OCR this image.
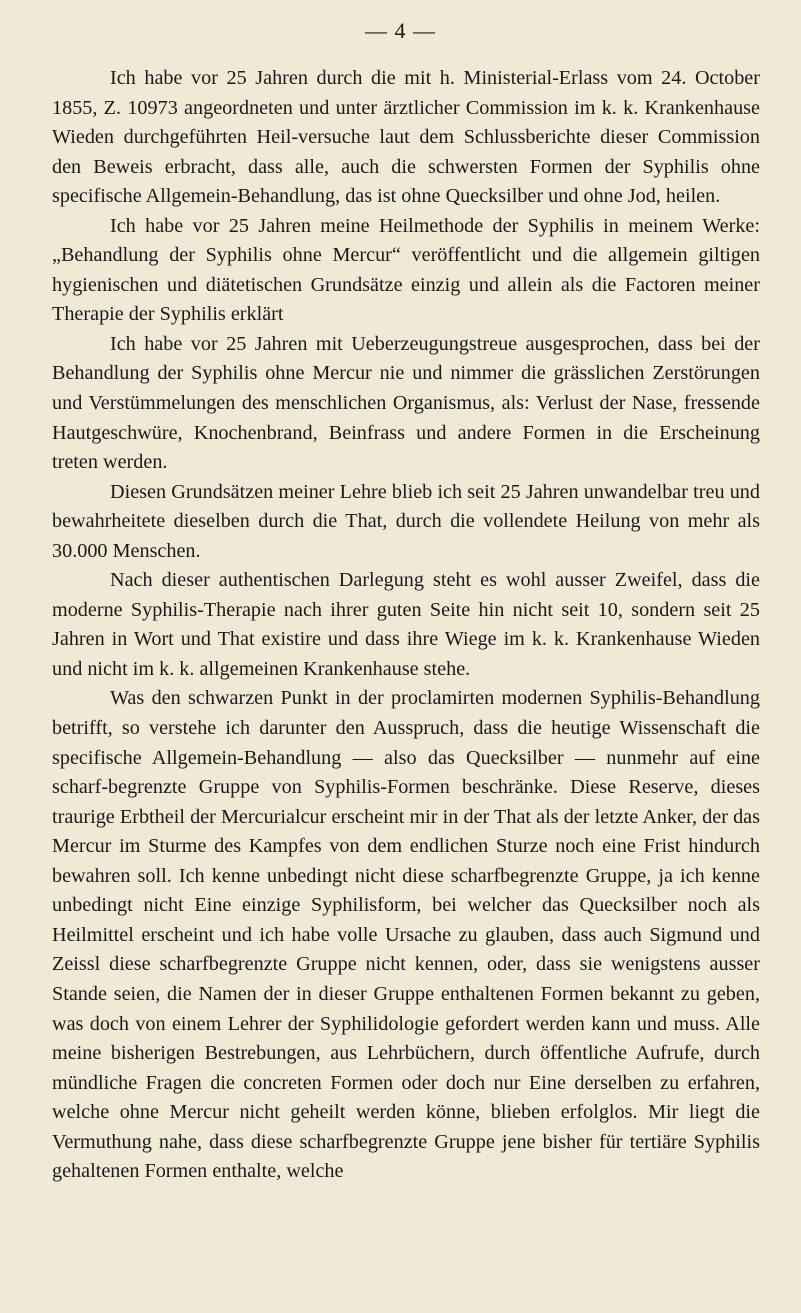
— 4 —

Ich habe vor 25 Jahren durch die mit h. Ministerial-Erlass vom 24. October 1855, Z. 10973 angeordneten und unter ärztlicher Commission im k. k. Krankenhause Wieden durchgeführten Heil-versuche laut dem Schlussberichte dieser Commission den Beweis erbracht, dass alle, auch die schwersten Formen der Syphilis ohne specifische Allgemein-Behandlung, das ist ohne Quecksilber und ohne Jod, heilen.

Ich habe vor 25 Jahren meine Heilmethode der Syphilis in meinem Werke: „Behandlung der Syphilis ohne Mercur“ veröffentlicht und die allgemein giltigen hygienischen und diätetischen Grundsätze einzig und allein als die Factoren meiner Therapie der Syphilis erklärt

Ich habe vor 25 Jahren mit Ueberzeugungstreue ausgesprochen, dass bei der Behandlung der Syphilis ohne Mercur nie und nimmer die grässlichen Zerstörungen und Verstümmelungen des menschlichen Organismus, als: Verlust der Nase, fressende Hautgeschwüre, Knochenbrand, Beinfrass und andere Formen in die Erscheinung treten werden.

Diesen Grundsätzen meiner Lehre blieb ich seit 25 Jahren unwandelbar treu und bewahrheitete dieselben durch die That, durch die vollendete Heilung von mehr als 30.000 Menschen.

Nach dieser authentischen Darlegung steht es wohl ausser Zweifel, dass die moderne Syphilis-Therapie nach ihrer guten Seite hin nicht seit 10, sondern seit 25 Jahren in Wort und That existire und dass ihre Wiege im k. k. Krankenhause Wieden und nicht im k. k. allgemeinen Krankenhause stehe.

Was den schwarzen Punkt in der proclamirten modernen Syphilis-Behandlung betrifft, so verstehe ich darunter den Ausspruch, dass die heutige Wissenschaft die specifische Allgemein-Behandlung — also das Quecksilber — nunmehr auf eine scharf-begrenzte Gruppe von Syphilis-Formen beschränke. Diese Reserve, dieses traurige Erbtheil der Mercurialcur erscheint mir in der That als der letzte Anker, der das Mercur im Sturme des Kampfes von dem endlichen Sturze noch eine Frist hindurch bewahren soll. Ich kenne unbedingt nicht diese scharfbegrenzte Gruppe, ja ich kenne unbedingt nicht Eine einzige Syphilisform, bei welcher das Quecksilber noch als Heilmittel erscheint und ich habe volle Ursache zu glauben, dass auch Sigmund und Zeissl diese scharfbegrenzte Gruppe nicht kennen, oder, dass sie wenigstens ausser Stande seien, die Namen der in dieser Gruppe enthaltenen Formen bekannt zu geben, was doch von einem Lehrer der Syphilidologie gefordert werden kann und muss. Alle meine bisherigen Bestrebungen, aus Lehrbüchern, durch öffentliche Aufrufe, durch mündliche Fragen die concreten Formen oder doch nur Eine derselben zu erfahren, welche ohne Mercur nicht geheilt werden könne, blieben erfolglos. Mir liegt die Vermuthung nahe, dass diese scharfbegrenzte Gruppe jene bisher für tertiäre Syphilis gehaltenen Formen enthalte, welche
